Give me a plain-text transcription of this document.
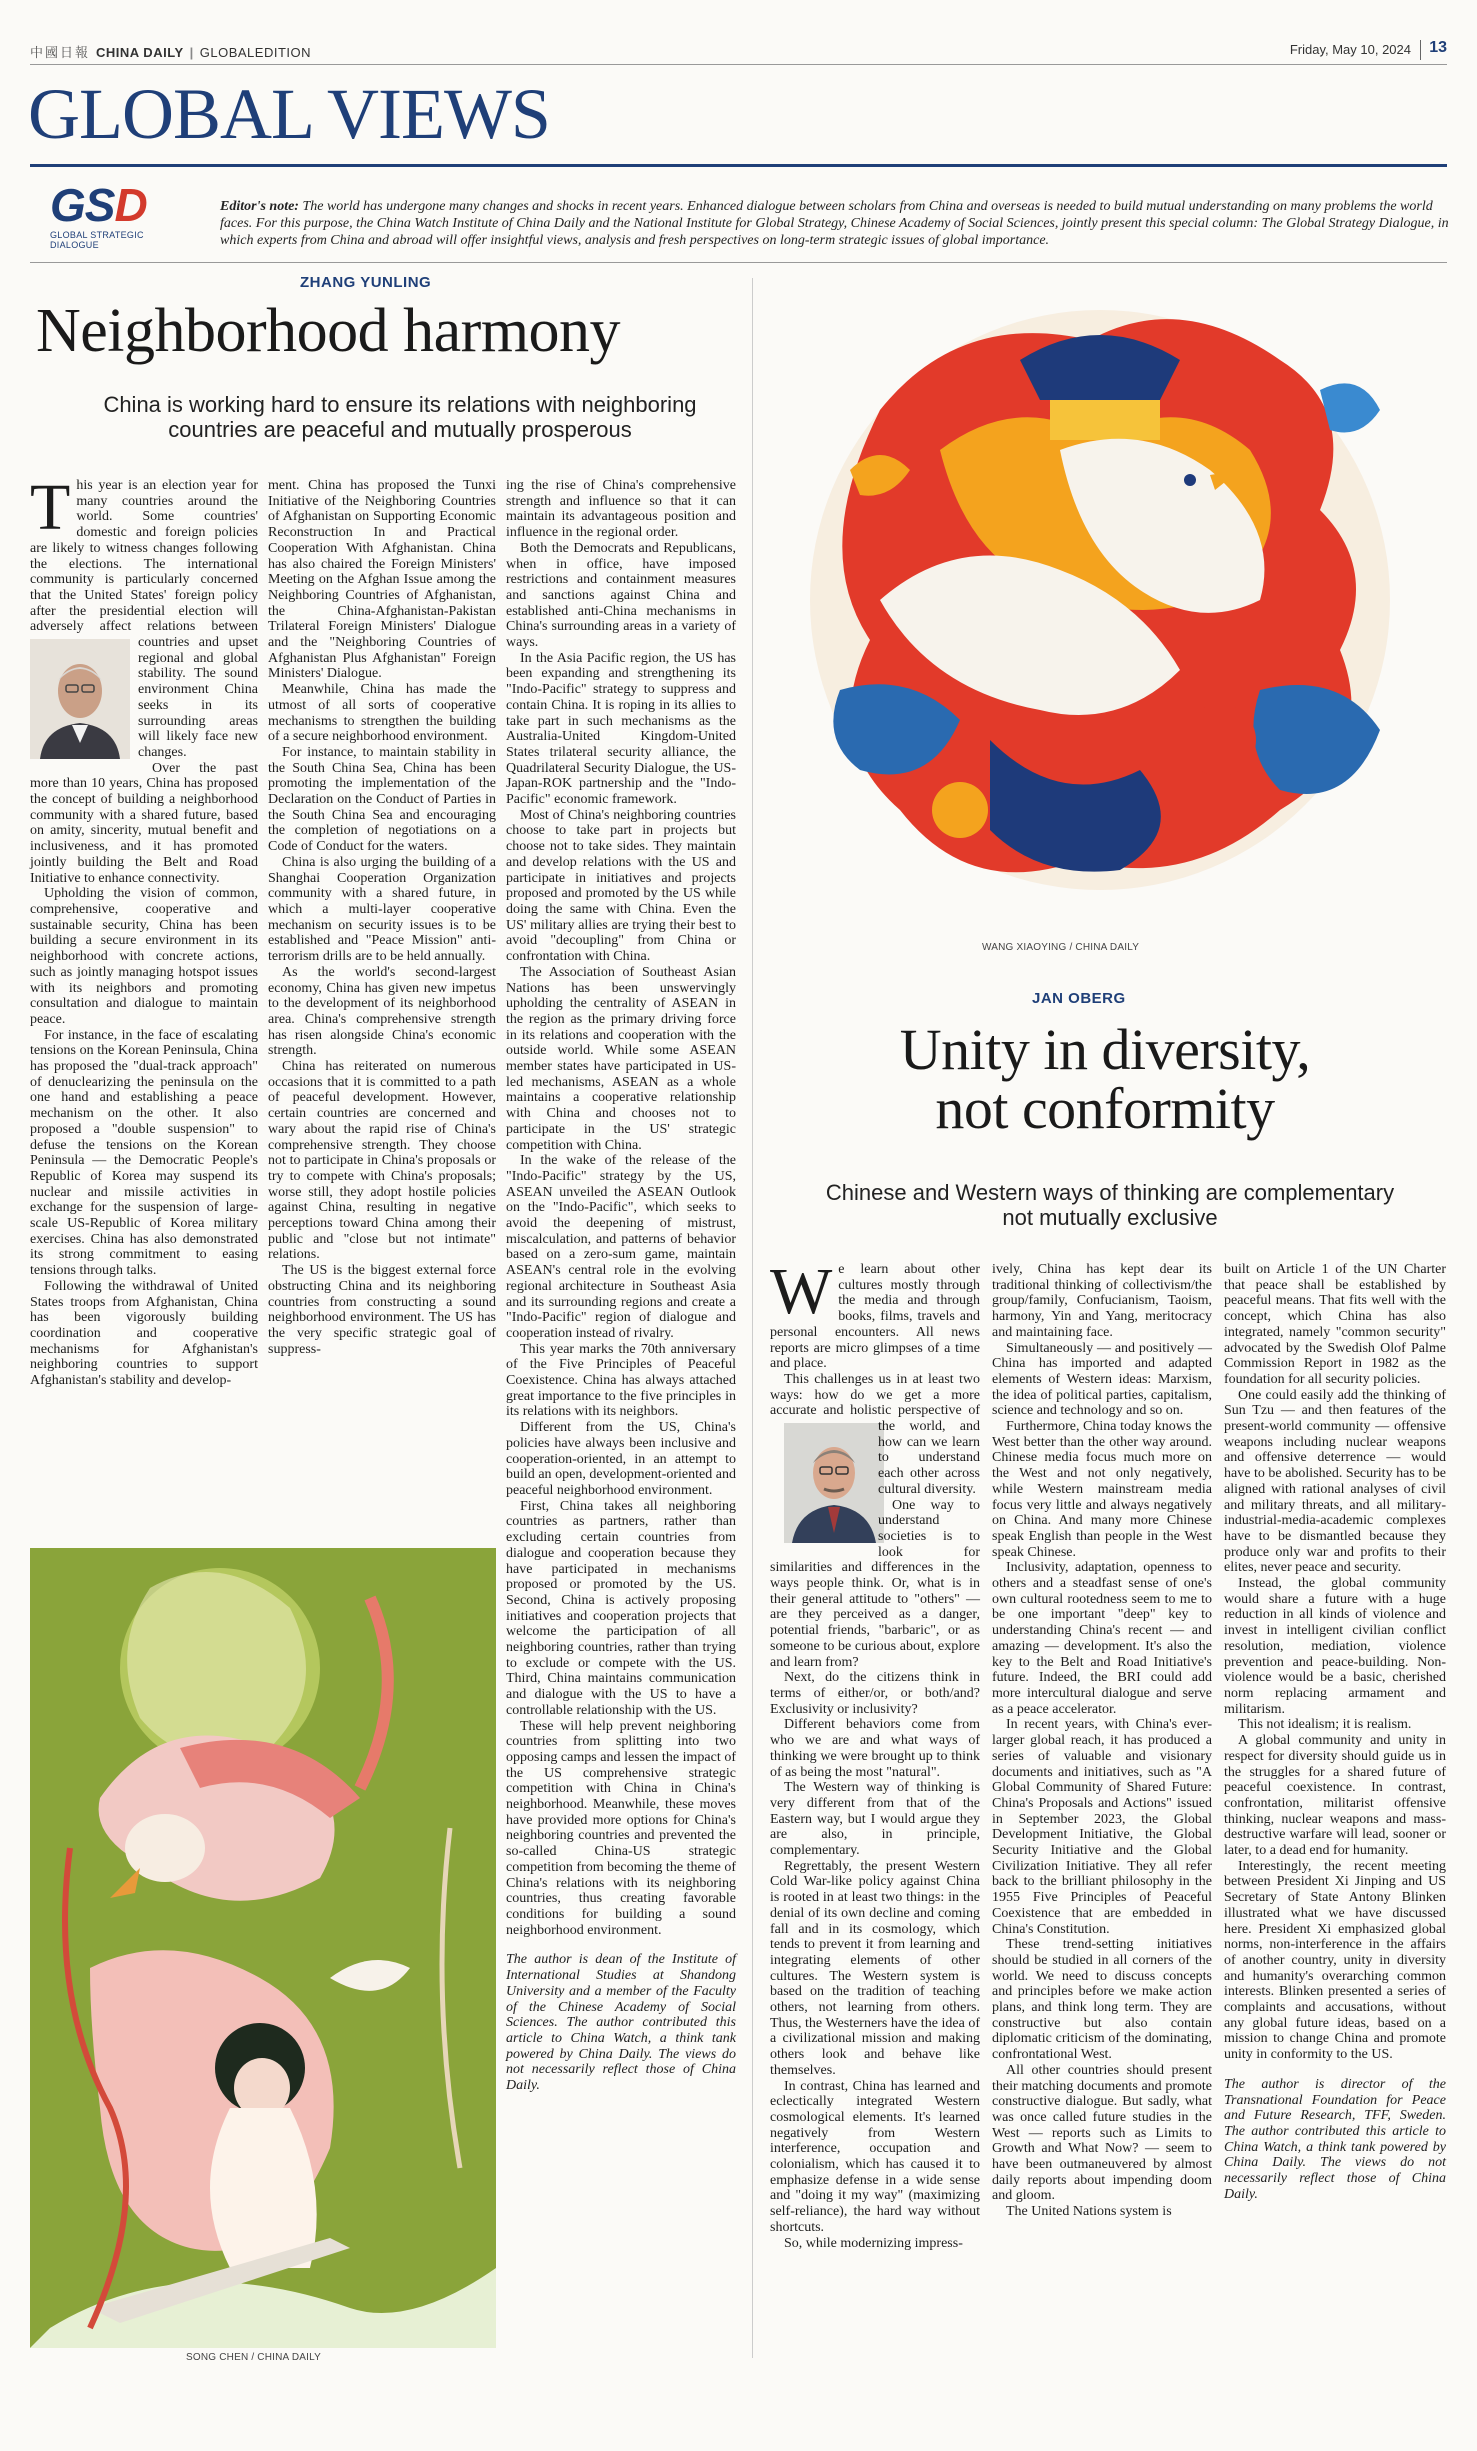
中國日報 CHINA DAILY | GLOBALEDITION	Friday, May 10, 2024 13
GLOBAL VIEWS
GSD
GLOBAL STRATEGIC DIALOGUE
Editor's note: The world has undergone many changes and shocks in recent years. Enhanced dialogue between scholars from China and overseas is needed to build mutual understanding on many problems the world faces. For this purpose, the China Watch Institute of China Daily and the National Institute for Global Strategy, Chinese Academy of Social Sciences, jointly present this special column: The Global Strategy Dialogue, in which experts from China and abroad will offer insightful views, analysis and fresh perspectives on long-term strategic issues of global importance.
ZHANG YUNLING
Neighborhood harmony
China is working hard to ensure its relations with neighboring countries are peaceful and mutually prosperous
T his year is an election year for many countries around the world. Some countries' domestic and foreign policies are likely to witness changes following the elections. The international community is particularly concerned that the United States' foreign policy after the presidential election will adversely affect relations
between countries and upset regional and global stability. The sound environment China seeks in its surrounding areas will likely face new changes.

Over the past more than 10 years, China has proposed the concept of building a neighborhood community with a shared future, based on amity, sincerity, mutual benefit and inclusiveness, and it has promoted jointly building the Belt and Road Initiative to enhance connectivity.

Upholding the vision of common, comprehensive, cooperative and sustainable security, China has been building a secure environment in its neighborhood with concrete actions, such as jointly managing hotspot issues with its neighbors and promoting consultation and dialogue to maintain peace.

For instance, in the face of escalating tensions on the Korean Peninsula, China has proposed the "dual-track approach" of denuclearizing the peninsula on the one hand and establishing a peace mechanism on the other. It also proposed a "double suspension" to defuse the tensions on the Korean Peninsula — the Democratic People's Republic of Korea may suspend its nuclear and missile activities in exchange for the suspension of large-scale US-Republic of Korea military exercises. China has also demonstrated its strong commitment to easing tensions through talks.

Following the withdrawal of United States troops from Afghanistan, China has been vigorously building coordination and cooperative mechanisms for Afghanistan's neighboring countries to support Afghanistan's stability and develop-

ment. China has proposed the Tunxi Initiative of the Neighboring Countries of Afghanistan on Supporting Economic Reconstruction In and Practical Cooperation With Afghanistan. China has also chaired the Foreign Ministers' Meeting on the Afghan Issue among the Neighboring Countries of Afghanistan, the China-Afghanistan-Pakistan Trilateral Foreign Ministers' Dialogue and the "Neighboring Countries of Afghanistan Plus Afghanistan" Foreign Ministers' Dialogue.

Meanwhile, China has made the utmost of all sorts of cooperative mechanisms to strengthen the building of a secure neighborhood environment.

For instance, to maintain stability in the South China Sea, China has been promoting the implementation of the Declaration on the Conduct of Parties in the South China Sea and encouraging the completion of negotiations on a Code of Conduct for the waters.

China is also urging the building of a Shanghai Cooperation Organization community with a shared future, in which a multi-layer cooperative mechanism on security issues is to be established and "Peace Mission" anti-terrorism drills are to be held annually.

As the world's second-largest economy, China has given new impetus to the development of its neighborhood area. China's comprehensive strength has risen alongside China's economic strength.

China has reiterated on numerous occasions that it is committed to a path of peaceful development. However, certain countries are concerned and wary about the rapid rise of China's comprehensive strength. They choose not to participate in China's proposals or try to compete with China's proposals; worse still, they adopt hostile policies against China, resulting in negative perceptions toward China among their public and "close but not intimate" relations.

The US is the biggest external force obstructing China and its neighboring countries from constructing a sound neighborhood environment. The US has the very specific strategic goal of suppress-

ing the rise of China's comprehensive strength and influence so that it can maintain its advantageous position and influence in the regional order.

Both the Democrats and Republicans, when in office, have imposed restrictions and containment measures and sanctions against China and established anti-China mechanisms in China's surrounding areas in a variety of ways.

In the Asia Pacific region, the US has been expanding and strengthening its "Indo-Pacific" strategy to suppress and contain China. It is roping in its allies to take part in such mechanisms as the Australia-United Kingdom-United States trilateral security alliance, the Quadrilateral Security Dialogue, the US-Japan-ROK partnership and the "Indo-Pacific" economic framework.

Most of China's neighboring countries choose to take part in projects but choose not to take sides. They maintain and develop relations with the US and participate in initiatives and projects proposed and promoted by the US while doing the same with China. Even the US' military allies are trying their best to avoid "decoupling" from China or confrontation with China.

The Association of Southeast Asian Nations has been unswervingly upholding the centrality of ASEAN in the region as the primary driving force in its relations and cooperation with the outside world. While some ASEAN member states have participated in US-led mechanisms, ASEAN as a whole maintains a cooperative relationship with China and chooses not to participate in the US' strategic competition with China.

In the wake of the release of the "Indo-Pacific" strategy by the US, ASEAN unveiled the ASEAN Outlook on the "Indo-Pacific", which seeks to avoid the deepening of mistrust, miscalculation, and patterns of behavior based on a zero-sum game, maintain ASEAN's central role in the evolving regional architecture in Southeast Asia and its surrounding regions and create a "Indo-Pacific" region of dialogue and cooperation instead of rivalry.

This year marks the 70th anniversary of the Five Principles of Peaceful Coexistence. China has always attached great importance to the five principles in its relations with its neighbors.

Different from the US, China's policies have always been inclusive and cooperation-oriented, in an attempt to build an open, development-oriented and peaceful neighborhood environment.

First, China takes all neighboring countries as partners, rather than excluding certain countries from dialogue and cooperation because they have participated in mechanisms proposed or promoted by the US. Second, China is actively proposing initiatives and cooperation projects that welcome the participation of all neighboring countries, rather than trying to exclude or compete with the US. Third, China maintains communication and dialogue with the US to have a controllable relationship with the US.

These will help prevent neighboring countries from splitting into two opposing camps and lessen the impact of the US comprehensive strategic competition with China in China's neighborhood. Meanwhile, these moves have provided more options for China's neighboring countries and prevented the so-called China-US strategic competition from becoming the theme of China's relations with its neighboring countries, thus creating favorable conditions for building a sound neighborhood environment.

The author is dean of the Institute of International Studies at Shandong University and a member of the Faculty of the Chinese Academy of Social Sciences. The author contributed this article to China Watch, a think tank powered by China Daily. The views do not necessarily reflect those of China Daily.

SONG CHEN / CHINA DAILY
WANG XIAOYING / CHINA DAILY
JAN OBERG
Unity in diversity,
not conformity
Chinese and Western ways of thinking are complementary not mutually exclusive
W e learn about other cultures mostly through the media and through books, films, travels and personal encounters. All news reports are micro glimpses of a time and place.

This challenges us in at least two ways: how do we get a more accurate and holistic
perspective of the world, and how can we learn to understand each other across cultural diversity.

One way to understand societies is to look for similarities and differences in the ways people think. Or, what is in their general attitude to "others" — are they perceived as a danger, potential friends, "barbaric", or as someone to be curious about, explore and learn from?

Next, do the citizens think in terms of either/or, or both/and? Exclusivity or inclusivity?

Different behaviors come from who we are and what ways of thinking we were brought up to think of as being the most "natural".

The Western way of thinking is very different from that of the Eastern way, but I would argue they are also, in principle, complementary.

Regrettably, the present Western Cold War-like policy against China is rooted in at least two things: in the denial of its own decline and coming fall and in its cosmology, which tends to prevent it from learning and integrating elements of other cultures. The Western system is based on the tradition of teaching others, not learning from others. Thus, the Westerners have the idea of a civilizational mission and making others look and behave like themselves.

In contrast, China has learned and eclectically integrated Western cosmological elements. It's learned negatively from Western interference, occupation and colonialism, which has caused it to emphasize defense in a wide sense and "doing it my way" (maximizing self-reliance), the hard way without shortcuts.

So, while modernizing impress-

ively, China has kept dear its traditional thinking of collectivism/the group/family, Confucianism, Taoism, harmony, Yin and Yang, meritocracy and maintaining face.

Simultaneously — and positively — China has imported and adapted elements of Western ideas: Marxism, the idea of political parties, capitalism, science and technology and so on.

Furthermore, China today knows the West better than the other way around. Chinese media focus much more on the West and not only negatively, while Western mainstream media focus very little and always negatively on China. And many more Chinese speak English than people in the West speak Chinese.

Inclusivity, adaptation, openness to others and a steadfast sense of one's own cultural rootedness seem to me to be one important "deep" key to understanding China's recent — and amazing — development. It's also the key to the Belt and Road Initiative's future. Indeed, the BRI could add more intercultural dialogue and serve as a peace accelerator.

In recent years, with China's ever-larger global reach, it has produced a series of valuable and visionary documents and initiatives, such as "A Global Community of Shared Future: China's Proposals and Actions" issued in September 2023, the Global Development Initiative, the Global Security Initiative and the Global Civilization Initiative. They all refer back to the brilliant philosophy in the 1955 Five Principles of Peaceful Coexistence that are embedded in China's Constitution.

These trend-setting initiatives should be studied in all corners of the world. We need to discuss concepts and principles before we make action plans, and think long term. They are constructive but also contain diplomatic criticism of the dominating, confrontational West.

All other countries should present their matching documents and promote constructive dialogue. But sadly, what was once called future studies in the West — reports such as Limits to Growth and What Now? — seem to have been outmaneuvered by almost daily reports about impending doom and gloom.

The United Nations system is

built on Article 1 of the UN Charter that peace shall be established by peaceful means. That fits well with the concept, which China has also integrated, namely "common security" advocated by the Swedish Olof Palme Commission Report in 1982 as the foundation for all security policies.

One could easily add the thinking of Sun Tzu — and then features of the present-world community — offensive weapons including nuclear weapons and offensive deterrence — would have to be abolished. Security has to be aligned with rational analyses of civil and military threats, and all military-industrial-media-academic complexes have to be dismantled because they produce only war and profits to their elites, never peace and security.

Instead, the global community would share a future with a huge reduction in all kinds of violence and invest in intelligent civilian conflict resolution, mediation, violence prevention and peace-building. Non-violence would be a basic, cherished norm replacing armament and militarism.

This not idealism; it is realism.

A global community and unity in respect for diversity should guide us in the struggles for a shared future of peaceful coexistence. In contrast, confrontation, militarist offensive thinking, nuclear weapons and mass-destructive warfare will lead, sooner or later, to a dead end for humanity.

Interestingly, the recent meeting between President Xi Jinping and US Secretary of State Antony Blinken illustrated what we have discussed here. President Xi emphasized global norms, non-interference in the affairs of another country, unity in diversity and humanity's overarching common interests. Blinken presented a series of complaints and accusations, without any global future ideas, based on a mission to change China and promote unity in conformity to the US.

The author is director of the Transnational Foundation for Peace and Future Research, TFF, Sweden. The author contributed this article to China Watch, a think tank powered by China Daily. The views do not necessarily reflect those of China Daily.
